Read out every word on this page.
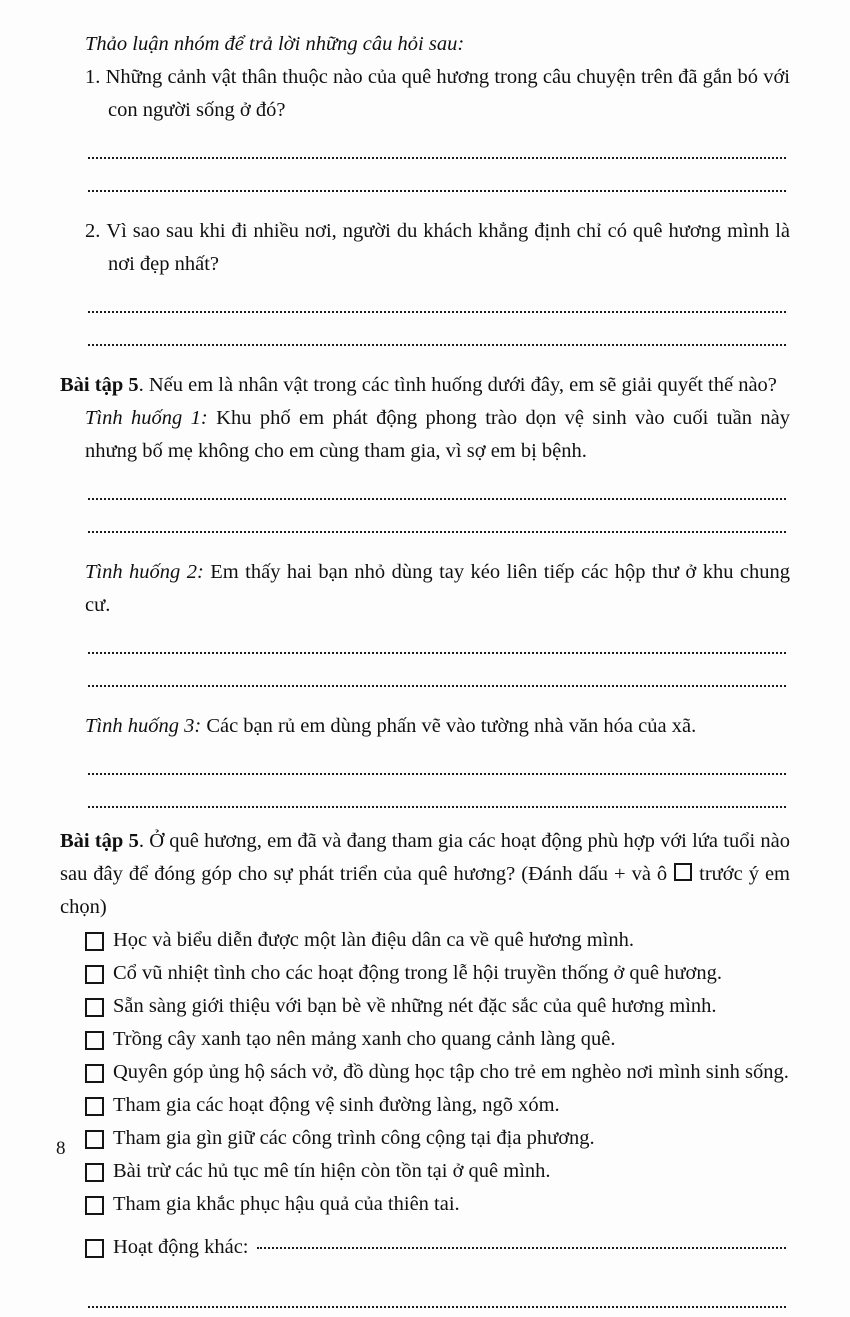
Thảo luận nhóm để trả lời những câu hỏi sau:

1. Những cảnh vật thân thuộc nào của quê hương trong câu chuyện trên đã gắn bó với con người sống ở đó?

2. Vì sao sau khi đi nhiều nơi, người du khách khẳng định chỉ có quê hương mình là nơi đẹp nhất?

Bài tập 5. Nếu em là nhân vật trong các tình huống dưới đây, em sẽ giải quyết thế nào?

Tình huống 1: Khu phố em phát động phong trào dọn vệ sinh vào cuối tuần này nhưng bố mẹ không cho em cùng tham gia, vì sợ em bị bệnh.

Tình huống 2: Em thấy hai bạn nhỏ dùng tay kéo liên tiếp các hộp thư ở khu chung cư.

Tình huống 3: Các bạn rủ em dùng phấn vẽ vào tường nhà văn hóa của xã.

Bài tập 5. Ở quê hương, em đã và đang tham gia các hoạt động phù hợp với lứa tuổi nào sau đây để đóng góp cho sự phát triển của quê hương? (Đánh dấu + và ô  trước ý em chọn)

Học và biểu diễn được một làn điệu dân ca về quê hương mình.
Cổ vũ nhiệt tình cho các hoạt động trong lễ hội truyền thống ở quê hương.
Sẵn sàng giới thiệu với bạn bè về những nét đặc sắc của quê hương mình.
Trồng cây xanh tạo nên mảng xanh cho quang cảnh làng quê.
Quyên góp ủng hộ sách vở, đồ dùng học tập cho trẻ em nghèo nơi mình sinh sống.
Tham gia các hoạt động vệ sinh đường làng, ngõ xóm.
Tham gia gìn giữ các công trình công cộng tại địa phương.
Bài trừ các hủ tục mê tín hiện còn tồn tại ở quê mình.
Tham gia khắc phục hậu quả của thiên tai.
Hoạt động khác:
8
